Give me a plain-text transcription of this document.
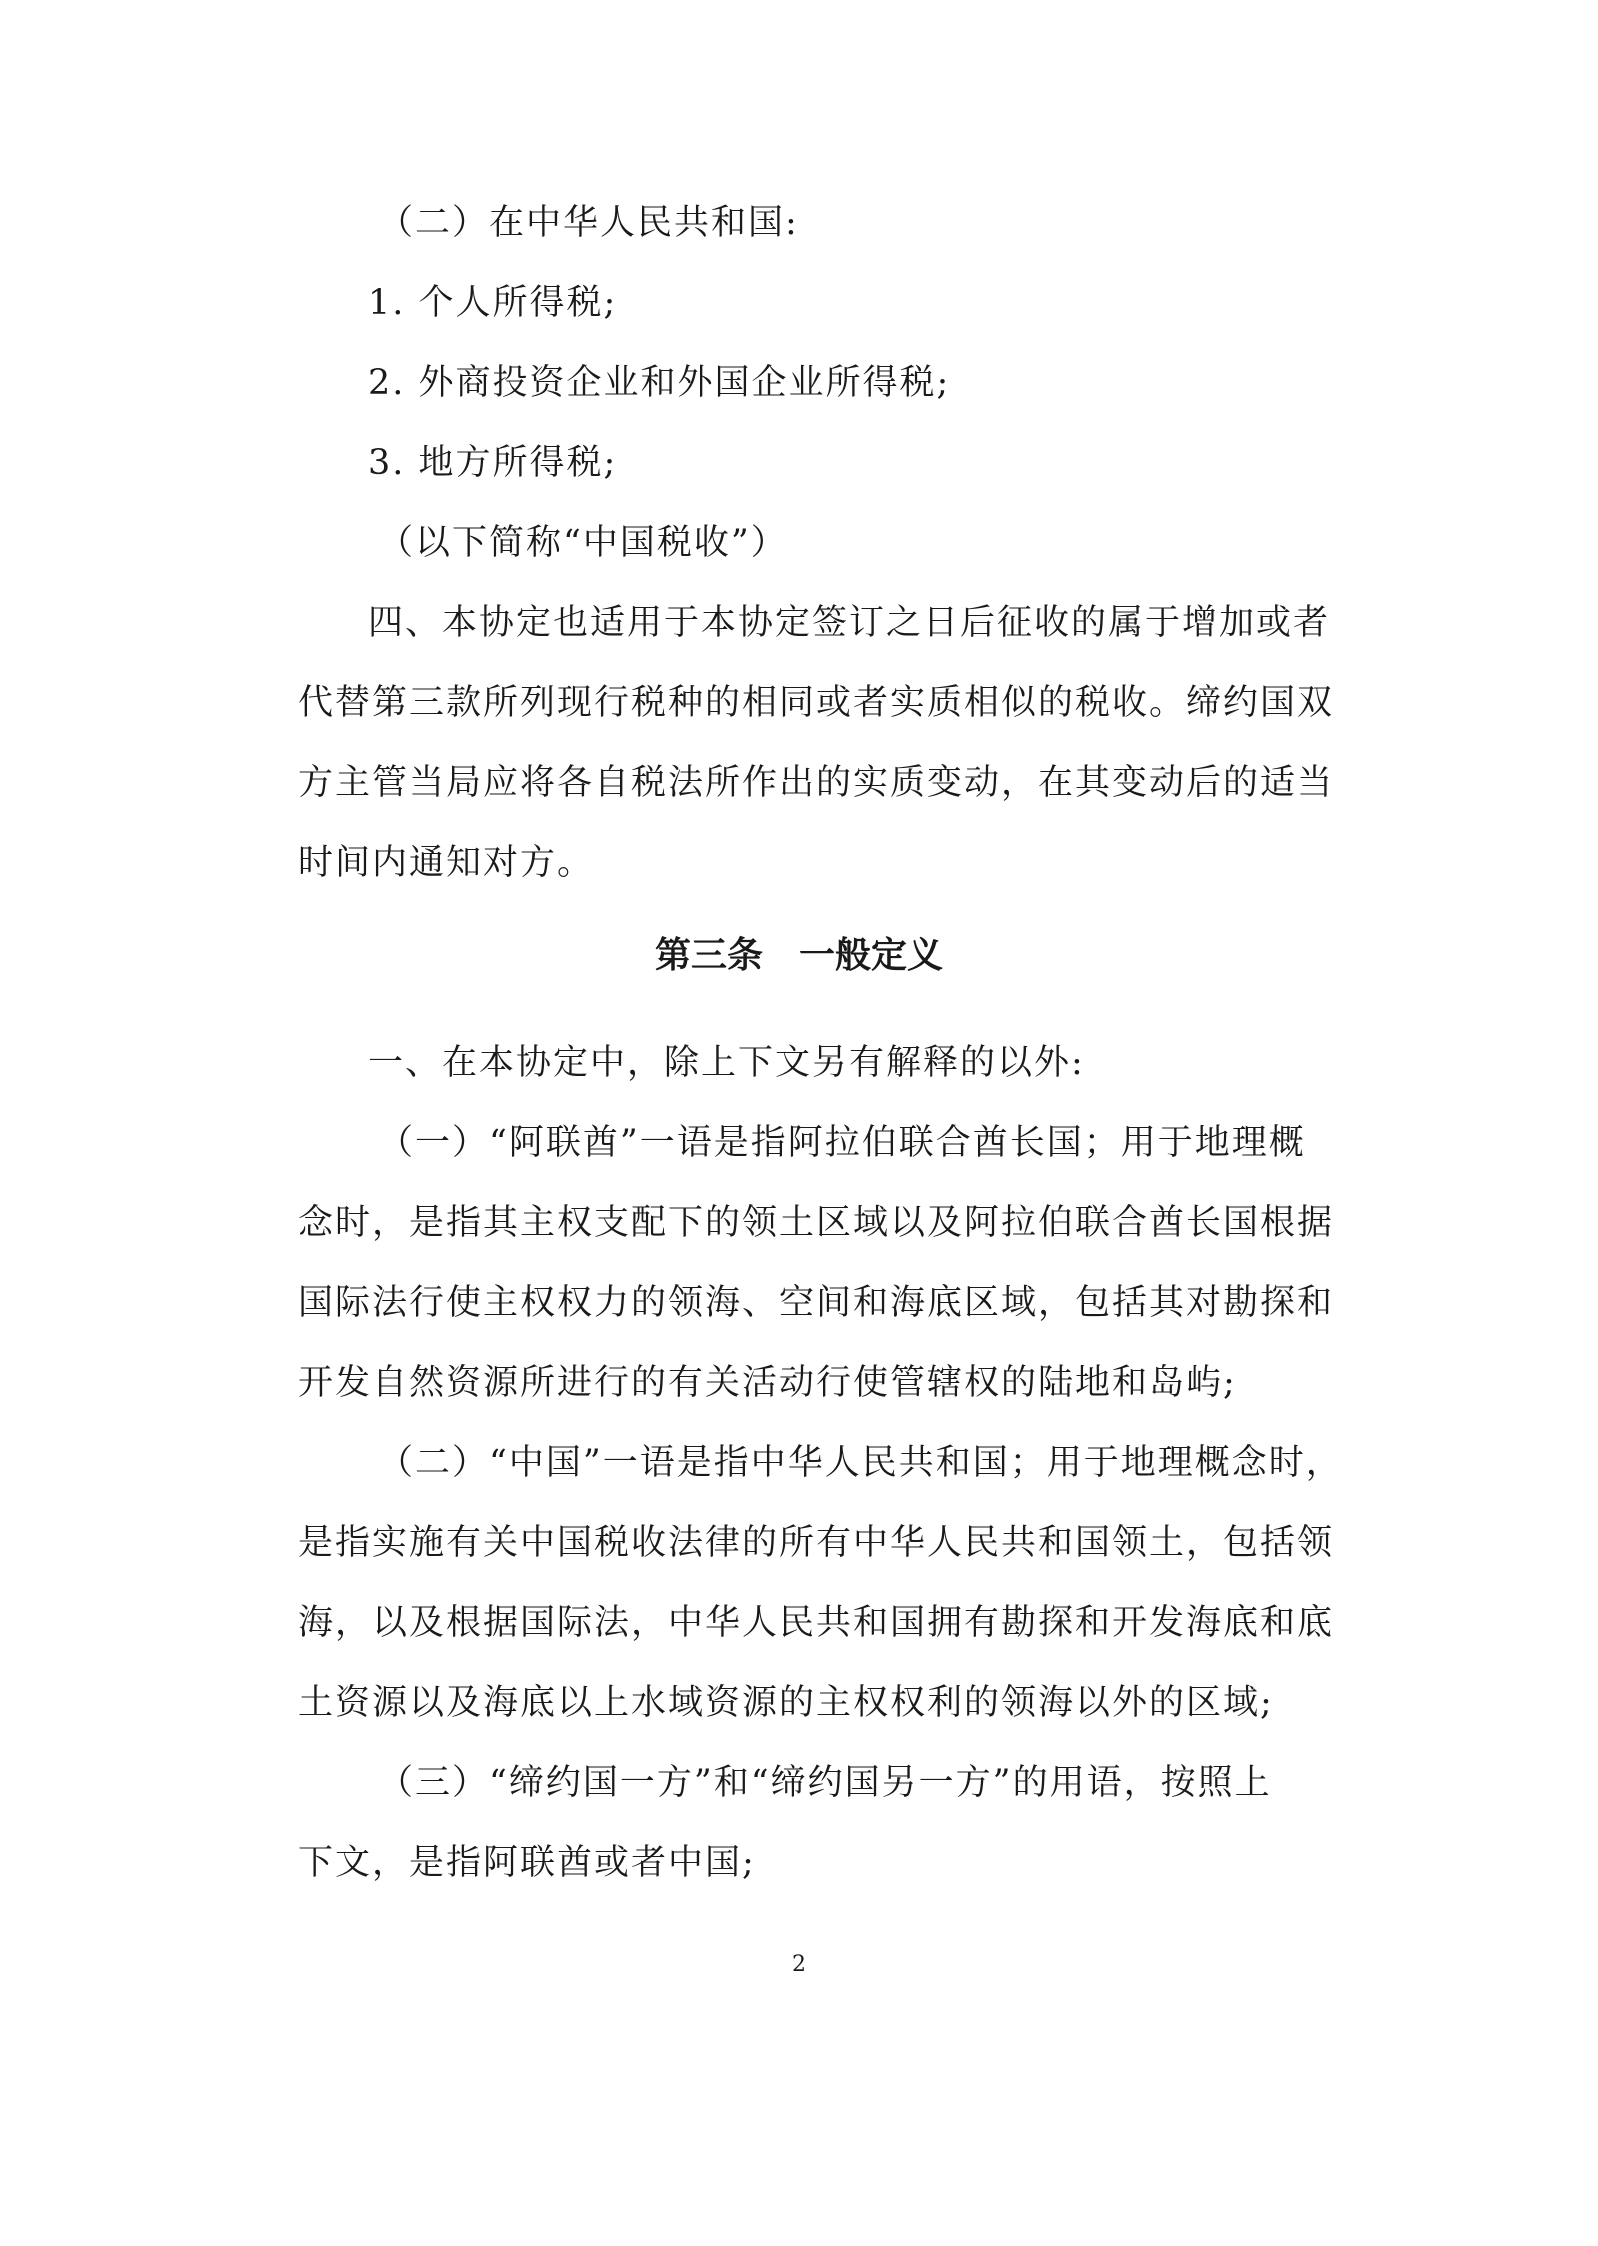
（二）在中华人民共和国:
1. 个人所得税;
2. 外商投资企业和外国企业所得税;
3. 地方所得税;
（以下简称“中国税收”）
四、本协定也适用于本协定签订之日后征收的属于增加或者
代替第三款所列现行税种的相同或者实质相似的税收。缔约国双
方主管当局应将各自税法所作出的实质变动，在其变动后的适当
时间内通知对方。
第三条　一般定义
一、在本协定中，除上下文另有解释的以外:
（一）“阿联酋”一语是指阿拉伯联合酋长国；用于地理概
念时，是指其主权支配下的领土区域以及阿拉伯联合酋长国根据
国际法行使主权权力的领海、空间和海底区域，包括其对勘探和
开发自然资源所进行的有关活动行使管辖权的陆地和岛屿;
（二）“中国”一语是指中华人民共和国；用于地理概念时，
是指实施有关中国税收法律的所有中华人民共和国领土，包括领
海，以及根据国际法，中华人民共和国拥有勘探和开发海底和底
土资源以及海底以上水域资源的主权权利的领海以外的区域;
（三）“缔约国一方”和“缔约国另一方”的用语，按照上
下文，是指阿联酋或者中国;
2
